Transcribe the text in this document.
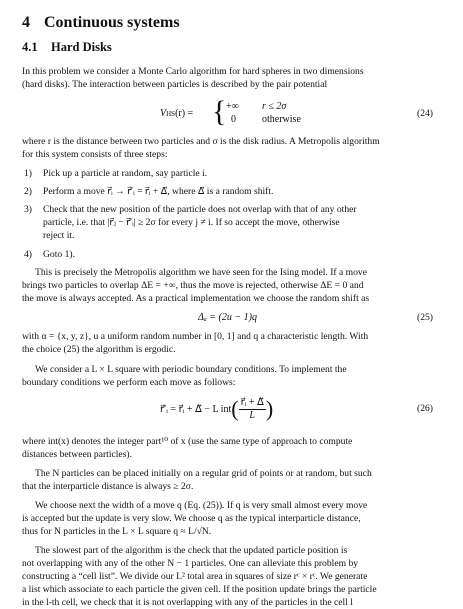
4 Continuous systems
4.1 Hard Disks
In this problem we consider a Monte Carlo algorithm for hard spheres in two dimensions
(hard disks). The interaction between particles is described by the pair potential
VHS(r) = { +∞ r ≤ 2σ
0	otherwise
(24)
where r is the distance between two particles and σ is the disk radius. A Metropolis algorithm
for this system consists of three steps:
1) Pick up a particle at random, say particle i.
2) Perform a move r⃗ᵢ → r⃗′ᵢ = r⃗ᵢ + Δ⃗, where Δ⃗ is a random shift.
3) Check that the new position of the particle does not overlap with that of any other
particle, i.e. that |r⃗ⱼ − r⃗′ᵢ| ≥ 2σ for every j ≠ i. If so accept the move, otherwise
reject it.
4) Goto 1).
This is precisely the Metropolis algorithm we have seen for the Ising model. If a move
brings two particles to overlap ΔE = +∞, thus the move is rejected, otherwise ΔE = 0 and
the move is always accepted. As a practical implementation we choose the random shift as
Δₐ = (2u − 1)q	(25)
with α = {x, y, z}, u a uniform random number in [0, 1] and q a characteristic length. With
the choice (25) the algorithm is ergodic.
We consider a L × L square with periodic boundary conditions. To implement the
boundary conditions we perform each move as follows:
r⃗′ᵢ = r⃗ᵢ + Δ⃗ − L int ( $\frac{\text{r⃗ᵢ + Δ⃗}}{L}$ )	(26)
where int(x) denotes the integer part¹⁰ of x (use the same type of approach to compute
distances between particles).
The N particles can be placed initially on a regular grid of points or at random, but such
that the interparticle distance is always ≥ 2σ.
We choose next the width of a move q (Eq. (25)). If q is very small almost every move
is accepted but the update is very slow. We choose q as the typical interparticle distance,
thus for N particles in the L × L square q ≈ L/√N.
The slowest part of the algorithm is the check that the updated particle position is
not overlapping with any of the other N − 1 particles. One can alleviate this problem by
constructing a “cell list”. We divide our L² total area in squares of size rᶜ × rᶜ. We generate
a list which associate to each particle the given cell. If the position update brings the particle
in the l-th cell, we check that it is not overlapping with any of the particles in the cell l
